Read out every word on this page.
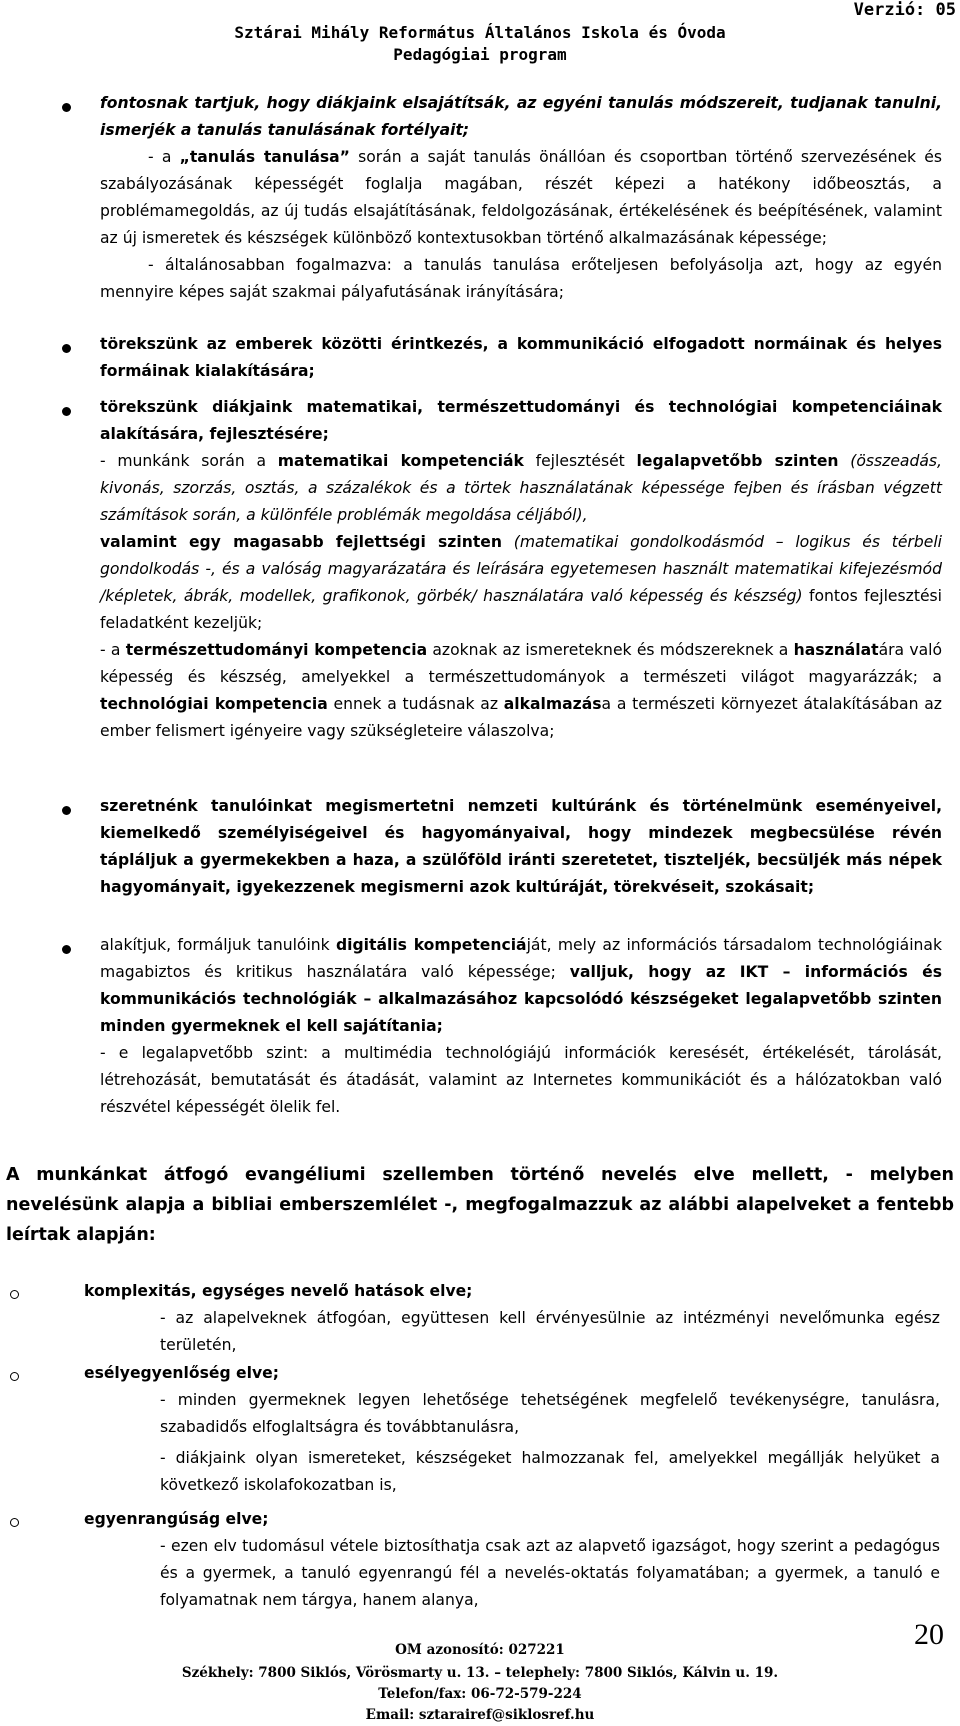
Verzió: 05
Sztárai Mihály Református Általános Iskola és Óvoda
Pedagógiai program

fontosnak tartjuk, hogy diákjaink elsajátítsák, az egyéni tanulás módszereit, tudjanak tanulni, ismerjék a tanulás tanulásának fortélyait;

- a „tanulás tanulása” során a saját tanulás önállóan és csoportban történő szervezésének és szabályozásának képességét foglalja magában, részét képezi a hatékony időbeosztás, a problémamegoldás, az új tudás elsajátításának, feldolgozásának, értékelésének és beépítésének, valamint az új ismeretek és készségek különböző kontextusokban történő alkalmazásának képessége;

- általánosabban fogalmazva: a tanulás tanulása erőteljesen befolyásolja azt, hogy az egyén mennyire képes saját szakmai pályafutásának irányítására;

törekszünk az emberek közötti érintkezés, a kommunikáció elfogadott normáinak és helyes formáinak kialakítására;

törekszünk diákjaink matematikai, természettudományi és technológiai kompetenciáinak alakítására, fejlesztésére;

- munkánk során a matematikai kompetenciák fejlesztését legalapvetőbb szinten (összeadás, kivonás, szorzás, osztás, a százalékok és a törtek használatának képessége fejben és írásban végzett számítások során, a különféle problémák megoldása céljából),

valamint egy magasabb fejlettségi szinten (matematikai gondolkodásmód – logikus és térbeli gondolkodás -, és a valóság magyarázatára és leírására egyetemesen használt matematikai kifejezésmód /képletek, ábrák, modellek, grafikonok, görbék/ használatára való képesség és készség) fontos fejlesztési feladatként kezeljük;

- a természettudományi kompetencia azoknak az ismereteknek és módszereknek a használatára való képesség és készség, amelyekkel a természettudományok a természeti világot magyarázzák; a technológiai kompetencia ennek a tudásnak az alkalmazása a természeti környezet átalakításában az ember felismert igényeire vagy szükségleteire válaszolva;

szeretnénk tanulóinkat megismertetni nemzeti kultúránk és történelmünk eseményeivel, kiemelkedő személyiségeivel és hagyományaival, hogy mindezek megbecsülése révén tápláljuk a gyermekekben a haza, a szülőföld iránti szeretetet, tiszteljék, becsüljék más népek hagyományait, igyekezzenek megismerni azok kultúráját, törekvéseit, szokásait;

alakítjuk, formáljuk tanulóink digitális kompetenciáját, mely az információs társadalom technológiáinak magabiztos és kritikus használatára való képessége; valljuk, hogy az IKT – információs és kommunikációs technológiák – alkalmazásához kapcsolódó készségeket legalapvetőbb szinten minden gyermeknek el kell sajátítania;

- e legalapvetőbb szint: a multimédia technológiájú információk keresését, értékelését, tárolását, létrehozását, bemutatását és átadását, valamint az Internetes kommunikációt és a hálózatokban való részvétel képességét ölelik fel.

A munkánkat átfogó evangéliumi szellemben történő nevelés elve mellett, - melyben nevelésünk alapja a bibliai emberszemlélet -, megfogalmazzuk az alábbi alapelveket a fentebb leírtak alapján:
komplexitás, egységes nevelő hatások elve;
- az alapelveknek átfogóan, együttesen kell érvényesülnie az intézményi nevelőmunka egész területén,
esélyegyenlőség elve;
- minden gyermeknek legyen lehetősége tehetségének megfelelő tevékenységre, tanulásra, szabadidős elfoglaltságra és továbbtanulásra,
- diákjaink olyan ismereteket, készségeket halmozzanak fel, amelyekkel megállják helyüket a következő iskolafokozatban is,
egyenrangúság elve;
- ezen elv tudomásul vétele biztosíthatja csak azt az alapvető igazságot, hogy szerint a pedagógus és a gyermek, a tanuló egyenrangú fél a nevelés-oktatás folyamatában; a gyermek, a tanuló e folyamatnak nem tárgya, hanem alanya,
OM azonosító: 027221
Székhely: 7800 Siklós, Vörösmarty u. 13. – telephely: 7800 Siklós, Kálvin u. 19.
Telefon/fax: 06-72-579-224
Email: sztarairef@siklosref.hu
20
